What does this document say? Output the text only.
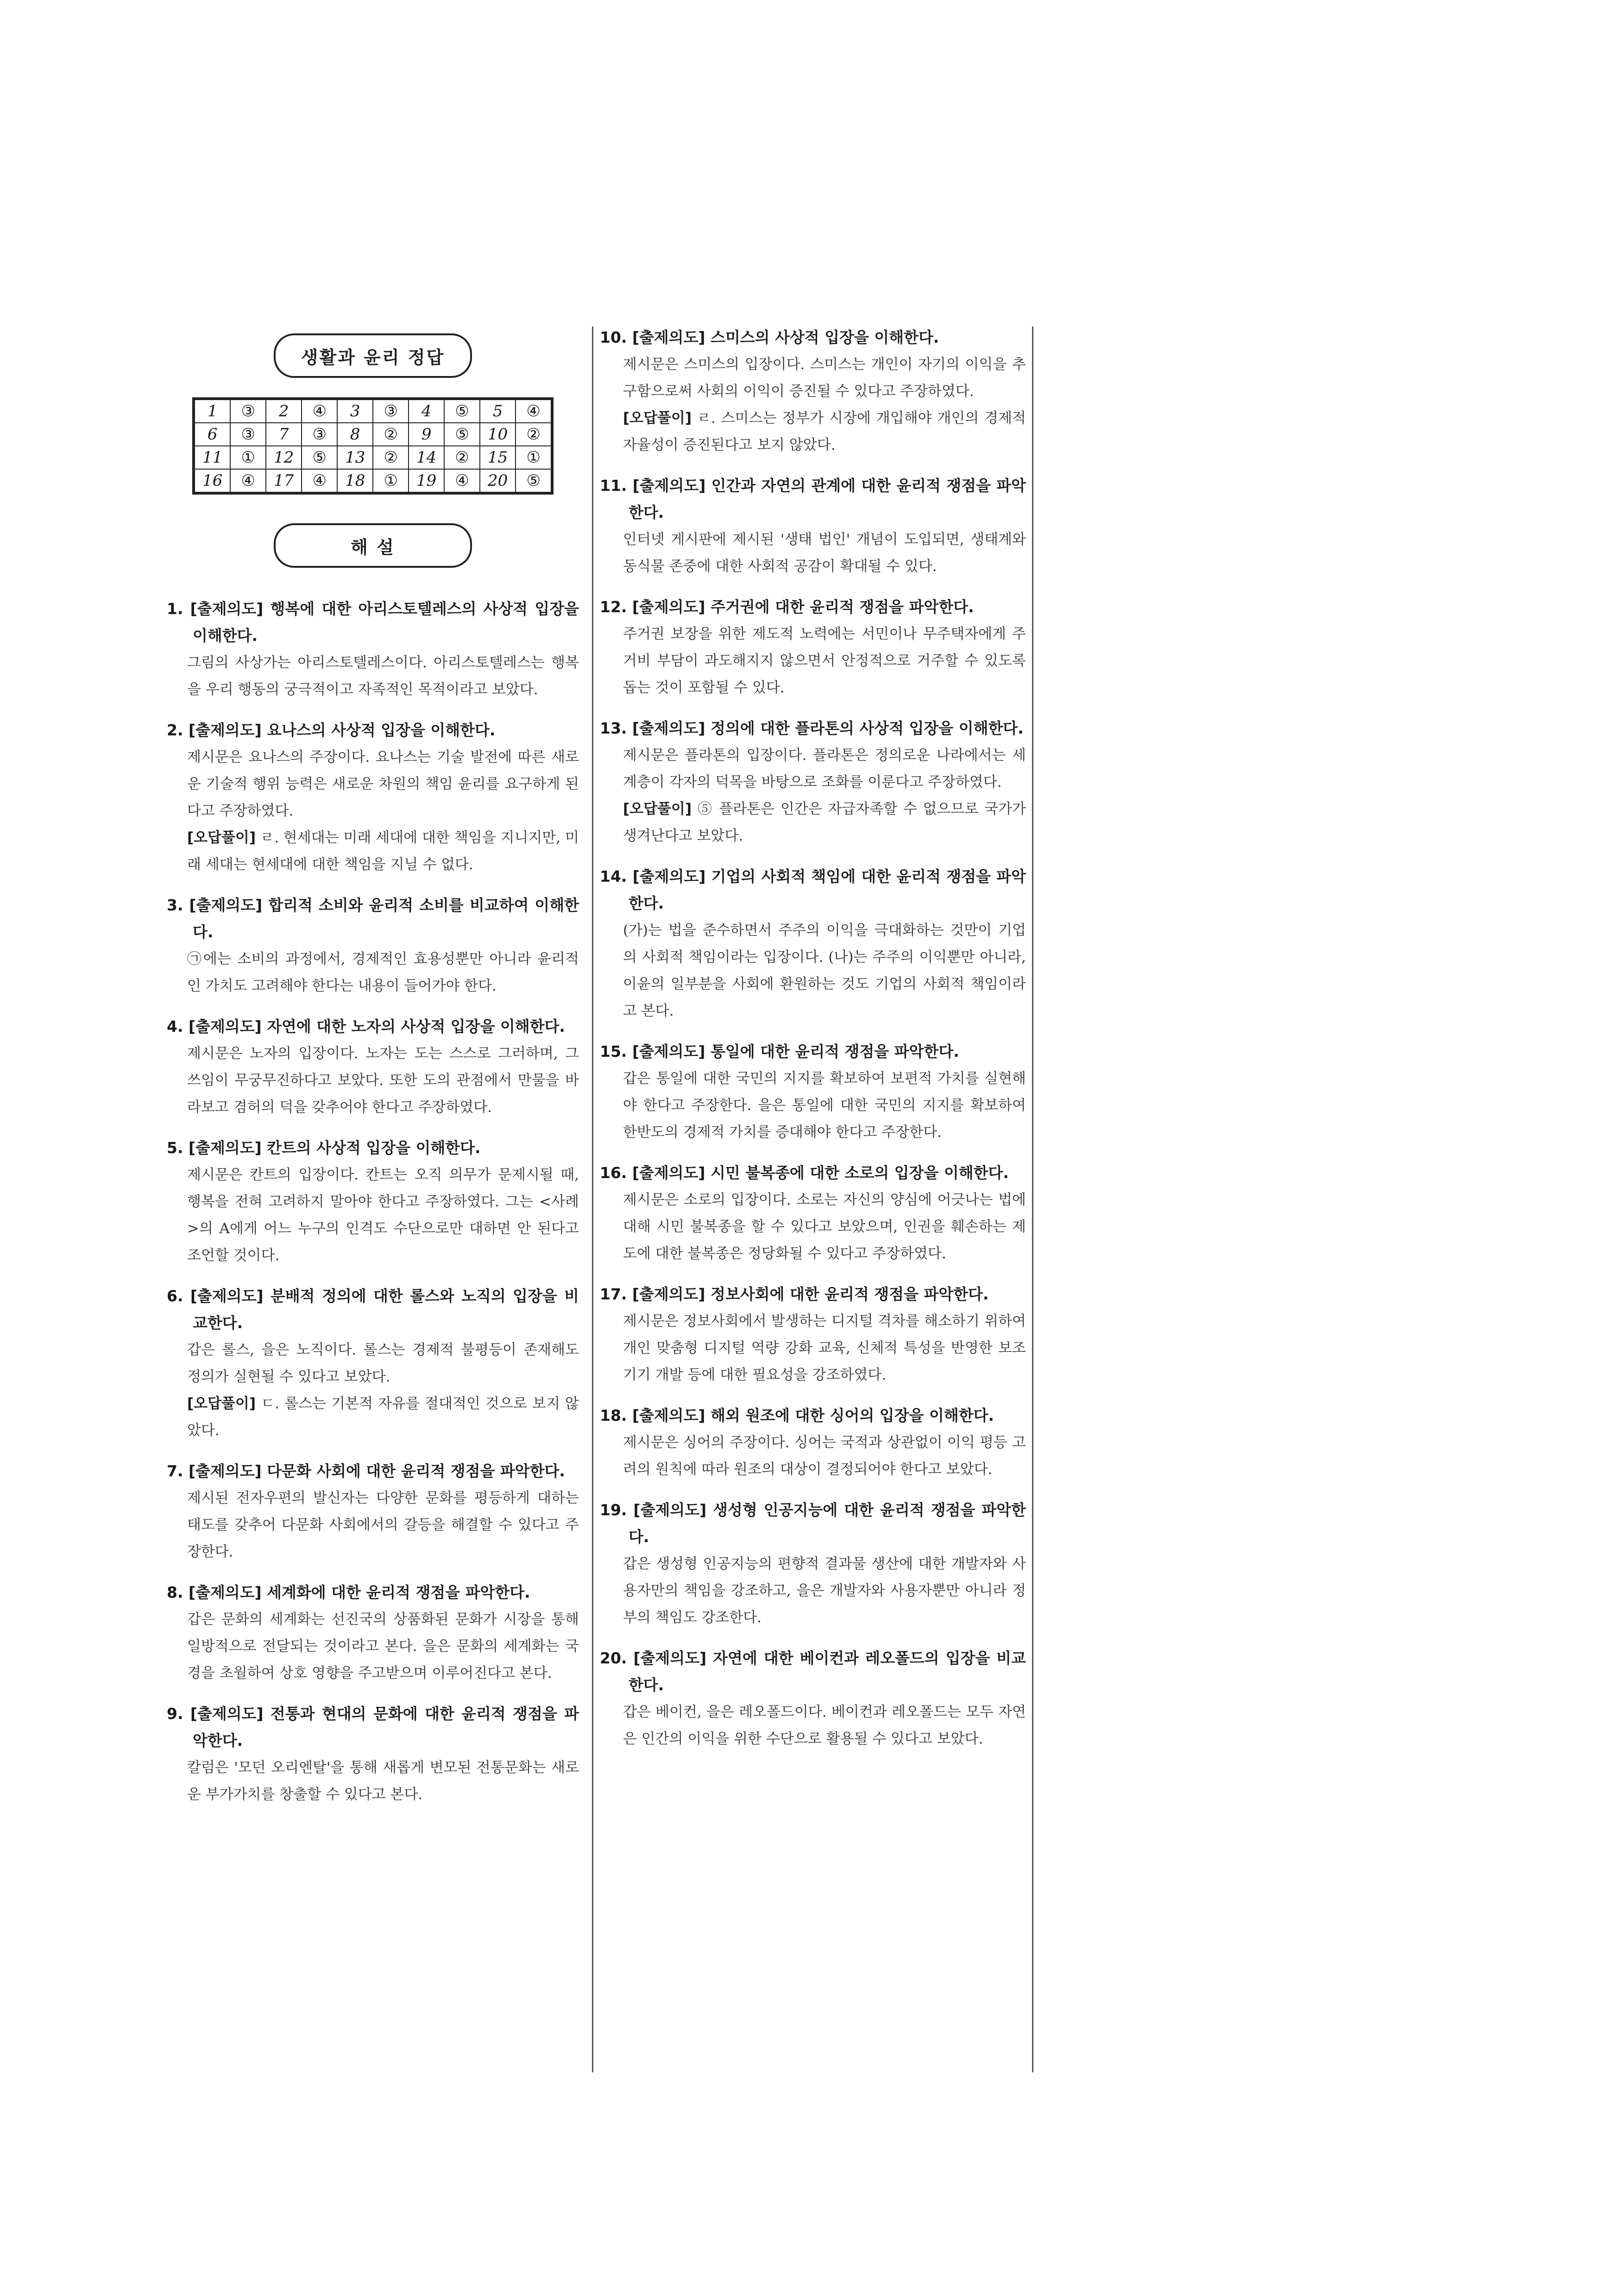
생활과 윤리 정답
1	③	2	④	3	③	4	⑤	5	④
6	③	7	③	8	②	9	⑤	10	②
11	①	12	⑤	13	②	14	②	15	①
16	④	17	④	18	①	19	④	20	⑤
해 설

1. [출제의도] 행복에 대한 아리스토텔레스의 사상적 입장을 이해한다.

그림의 사상가는 아리스토텔레스이다. 아리스토텔레스는 행복을 우리 행동의 궁극적이고 자족적인 목적이라고 보았다.

2. [출제의도] 요나스의 사상적 입장을 이해한다.

제시문은 요나스의 주장이다. 요나스는 기술 발전에 따른 새로운 기술적 행위 능력은 새로운 차원의 책임 윤리를 요구하게 된다고 주장하였다.

[오답풀이] ㄹ. 현세대는 미래 세대에 대한 책임을 지니지만, 미래 세대는 현세대에 대한 책임을 지닐 수 없다.

3. [출제의도] 합리적 소비와 윤리적 소비를 비교하여 이해한다.

㉠에는 소비의 과정에서, 경제적인 효용성뿐만 아니라 윤리적인 가치도 고려해야 한다는 내용이 들어가야 한다.

4. [출제의도] 자연에 대한 노자의 사상적 입장을 이해한다.

제시문은 노자의 입장이다. 노자는 도는 스스로 그러하며, 그 쓰임이 무궁무진하다고 보았다. 또한 도의 관점에서 만물을 바라보고 겸허의 덕을 갖추어야 한다고 주장하였다.

5. [출제의도] 칸트의 사상적 입장을 이해한다.

제시문은 칸트의 입장이다. 칸트는 오직 의무가 문제시될 때, 행복을 전혀 고려하지 말아야 한다고 주장하였다. 그는 <사례>의 A에게 어느 누구의 인격도 수단으로만 대하면 안 된다고 조언할 것이다.

6. [출제의도] 분배적 정의에 대한 롤스와 노직의 입장을 비교한다.

갑은 롤스, 을은 노직이다. 롤스는 경제적 불평등이 존재해도 정의가 실현될 수 있다고 보았다.

[오답풀이] ㄷ. 롤스는 기본적 자유를 절대적인 것으로 보지 않았다.

7. [출제의도] 다문화 사회에 대한 윤리적 쟁점을 파악한다.

제시된 전자우편의 발신자는 다양한 문화를 평등하게 대하는 태도를 갖추어 다문화 사회에서의 갈등을 해결할 수 있다고 주장한다.

8. [출제의도] 세계화에 대한 윤리적 쟁점을 파악한다.

갑은 문화의 세계화는 선진국의 상품화된 문화가 시장을 통해 일방적으로 전달되는 것이라고 본다. 을은 문화의 세계화는 국경을 초월하여 상호 영향을 주고받으며 이루어진다고 본다.

9. [출제의도] 전통과 현대의 문화에 대한 윤리적 쟁점을 파악한다.

칼럼은 '모던 오리엔탈'을 통해 새롭게 변모된 전통문화는 새로운 부가가치를 창출할 수 있다고 본다.

10. [출제의도] 스미스의 사상적 입장을 이해한다.

제시문은 스미스의 입장이다. 스미스는 개인이 자기의 이익을 추구함으로써 사회의 이익이 증진될 수 있다고 주장하였다.

[오답풀이] ㄹ. 스미스는 정부가 시장에 개입해야 개인의 경제적 자율성이 증진된다고 보지 않았다.

11. [출제의도] 인간과 자연의 관계에 대한 윤리적 쟁점을 파악한다.

인터넷 게시판에 제시된 '생태 법인' 개념이 도입되면, 생태계와 동식물 존중에 대한 사회적 공감이 확대될 수 있다.

12. [출제의도] 주거권에 대한 윤리적 쟁점을 파악한다.

주거권 보장을 위한 제도적 노력에는 서민이나 무주택자에게 주거비 부담이 과도해지지 않으면서 안정적으로 거주할 수 있도록 돕는 것이 포함될 수 있다.

13. [출제의도] 정의에 대한 플라톤의 사상적 입장을 이해한다.

제시문은 플라톤의 입장이다. 플라톤은 정의로운 나라에서는 세 계층이 각자의 덕목을 바탕으로 조화를 이룬다고 주장하였다.

[오답풀이] ⑤ 플라톤은 인간은 자급자족할 수 없으므로 국가가 생겨난다고 보았다.

14. [출제의도] 기업의 사회적 책임에 대한 윤리적 쟁점을 파악한다.

(가)는 법을 준수하면서 주주의 이익을 극대화하는 것만이 기업의 사회적 책임이라는 입장이다. (나)는 주주의 이익뿐만 아니라, 이윤의 일부분을 사회에 환원하는 것도 기업의 사회적 책임이라고 본다.

15. [출제의도] 통일에 대한 윤리적 쟁점을 파악한다.

갑은 통일에 대한 국민의 지지를 확보하여 보편적 가치를 실현해야 한다고 주장한다. 을은 통일에 대한 국민의 지지를 확보하여 한반도의 경제적 가치를 증대해야 한다고 주장한다.

16. [출제의도] 시민 불복종에 대한 소로의 입장을 이해한다.

제시문은 소로의 입장이다. 소로는 자신의 양심에 어긋나는 법에 대해 시민 불복종을 할 수 있다고 보았으며, 인권을 훼손하는 제도에 대한 불복종은 정당화될 수 있다고 주장하였다.

17. [출제의도] 정보사회에 대한 윤리적 쟁점을 파악한다.

제시문은 정보사회에서 발생하는 디지털 격차를 해소하기 위하여 개인 맞춤형 디지털 역량 강화 교육, 신체적 특성을 반영한 보조 기기 개발 등에 대한 필요성을 강조하였다.

18. [출제의도] 해외 원조에 대한 싱어의 입장을 이해한다.

제시문은 싱어의 주장이다. 싱어는 국적과 상관없이 이익 평등 고려의 원칙에 따라 원조의 대상이 결정되어야 한다고 보았다.

19. [출제의도] 생성형 인공지능에 대한 윤리적 쟁점을 파악한다.

갑은 생성형 인공지능의 편향적 결과물 생산에 대한 개발자와 사용자만의 책임을 강조하고, 을은 개발자와 사용자뿐만 아니라 정부의 책임도 강조한다.

20. [출제의도] 자연에 대한 베이컨과 레오폴드의 입장을 비교한다.

갑은 베이컨, 을은 레오폴드이다. 베이컨과 레오폴드는 모두 자연은 인간의 이익을 위한 수단으로 활용될 수 있다고 보았다.
